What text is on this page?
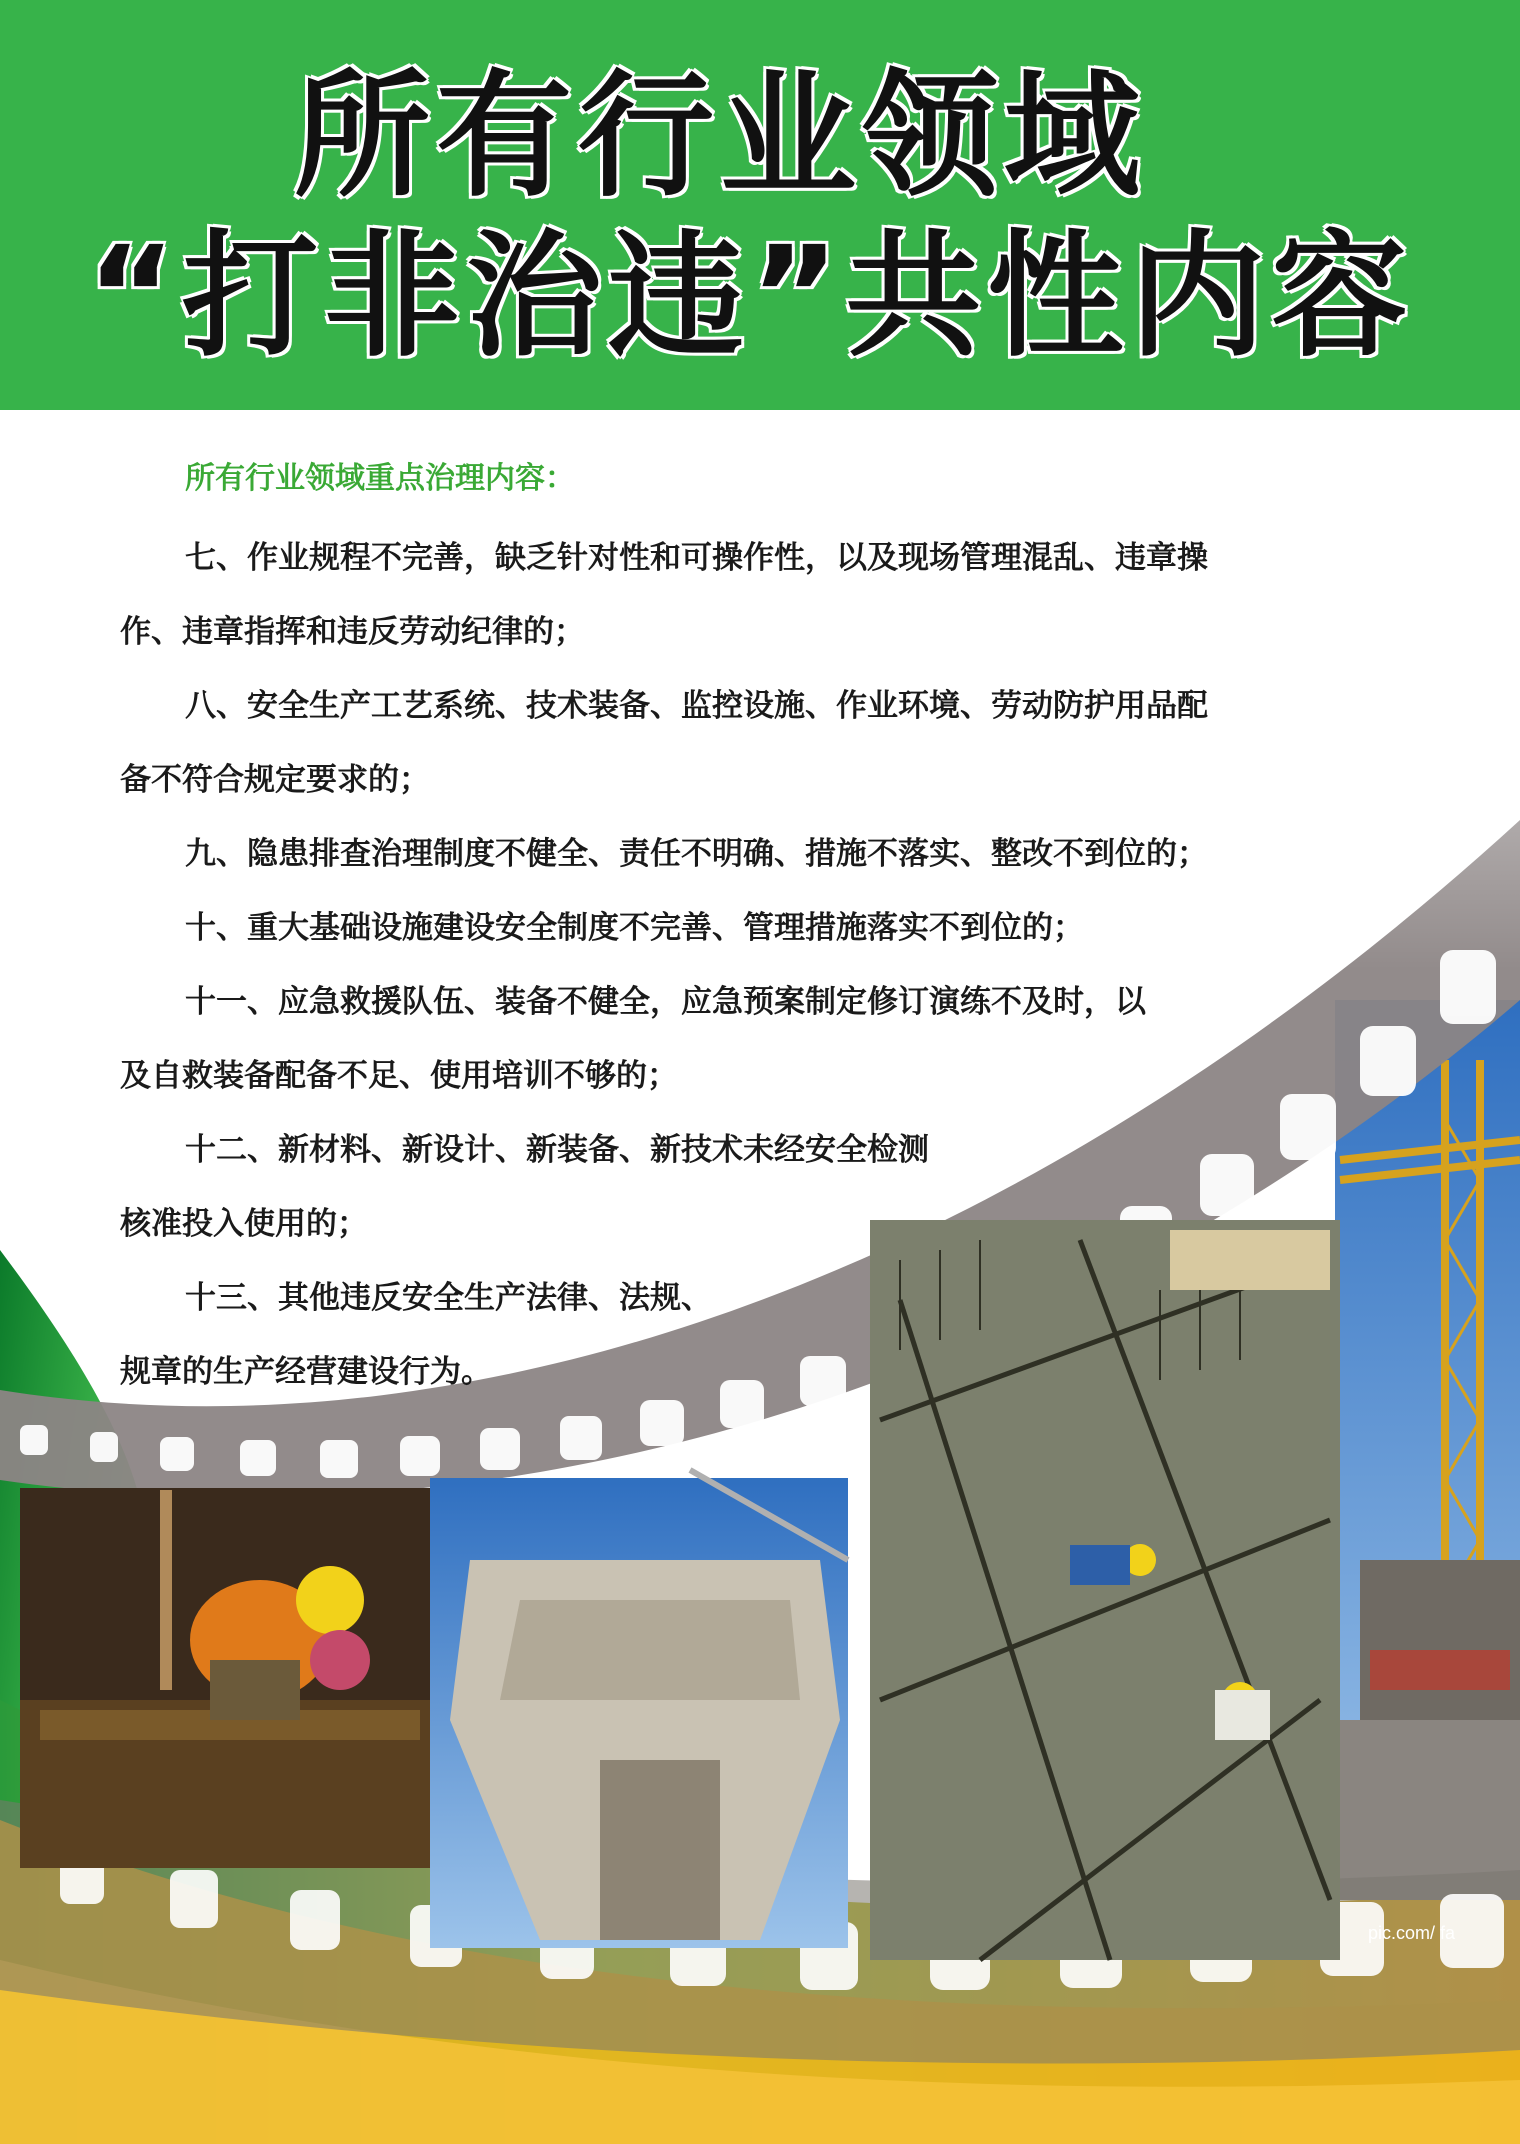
所有行业领域
“打非治违”共性内容
所有行业领域重点治理内容：
七、作业规程不完善，缺乏针对性和可操作性，以及现场管理混乱、违章操
作、违章指挥和违反劳动纪律的；
八、安全生产工艺系统、技术装备、监控设施、作业环境、劳动防护用品配
备不符合规定要求的；
九、隐患排查治理制度不健全、责任不明确、措施不落实、整改不到位的；
十、重大基础设施建设安全制度不完善、管理措施落实不到位的；
十一、应急救援队伍、装备不健全，应急预案制定修订演练不及时，以
及自救装备配备不足、使用培训不够的；
十二、新材料、新设计、新装备、新技术未经安全检测
核准投入使用的；
十三、其他违反安全生产法律、法规、
规章的生产经营建设行为。
pic.com/ fa
